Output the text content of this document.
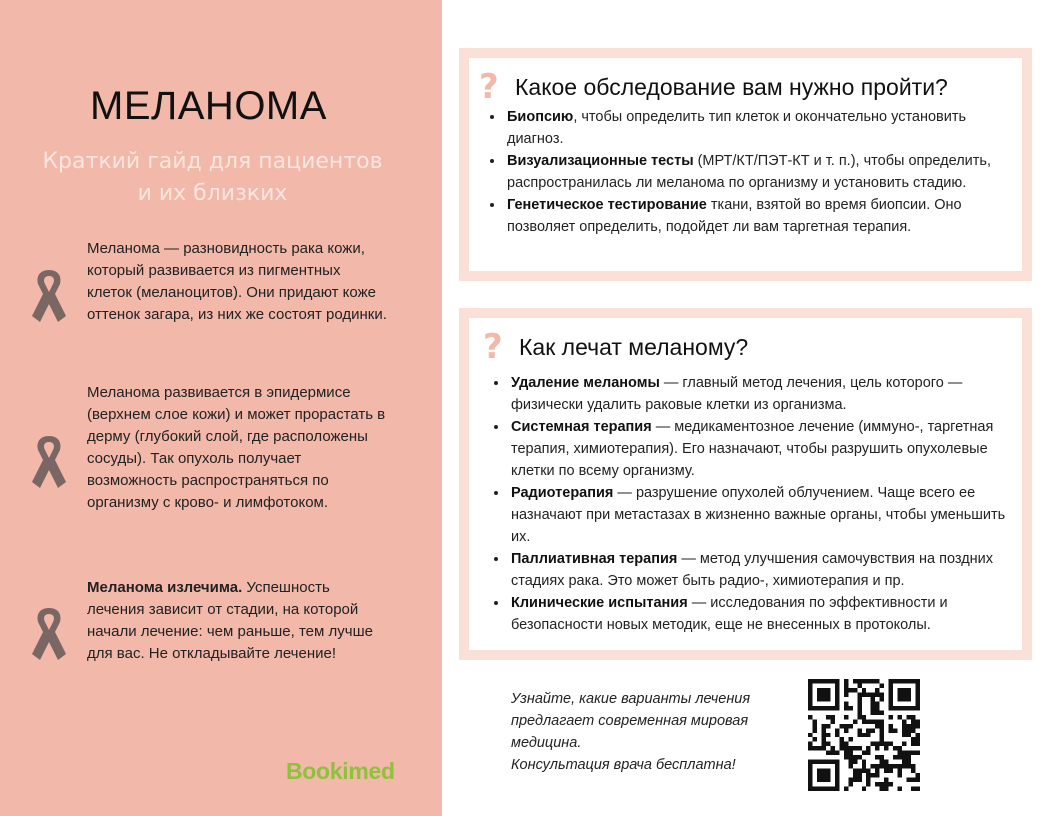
МЕЛАНОМА
Краткий гайд для пациентов и их близких
Меланома — разновидность рака кожи, который развивается из пигментных клеток (меланоцитов). Они придают коже оттенок загара, из них же состоят родинки.
Меланома развивается в эпидермисе (верхнем слое кожи) и может прорастать в дерму (глубокий слой, где расположены сосуды). Так опухоль получает возможность распространяться по организму с крово- и лимфотоком.
Меланома излечима. Успешность лечения зависит от стадии, на которой начали лечение: чем раньше, тем лучше для вас. Не откладывайте лечение!
Bookimed
? Какое обследование вам нужно пройти?
• Биопсию, чтобы определить тип клеток и окончательно установить диагноз.
• Визуализационные тесты (МРТ/КТ/ПЭТ-КТ и т. п.), чтобы определить, распространилась ли меланома по организму и установить стадию.
• Генетическое тестирование ткани, взятой во время биопсии. Оно позволяет определить, подойдет ли вам таргетная терапия.
? Как лечат меланому?
• Удаление меланомы — главный метод лечения, цель которого — физически удалить раковые клетки из организма.
• Системная терапия — медикаментозное лечение (иммуно-, таргетная терапия, химиотерапия). Его назначают, чтобы разрушить опухолевые клетки по всему организму.
• Радиотерапия — разрушение опухолей облучением. Чаще всего ее назначают при метастазах в жизненно важные органы, чтобы уменьшить их.
• Паллиативная терапия — метод улучшения самочувствия на поздних стадиях рака. Это может быть радио-, химиотерапия и пр.
• Клинические испытания — исследования по эффективности и безопасности новых методик, еще не внесенных в протоколы.
Узнайте, какие варианты лечения предлагает современная мировая медицина.
Консультация врача бесплатна!
